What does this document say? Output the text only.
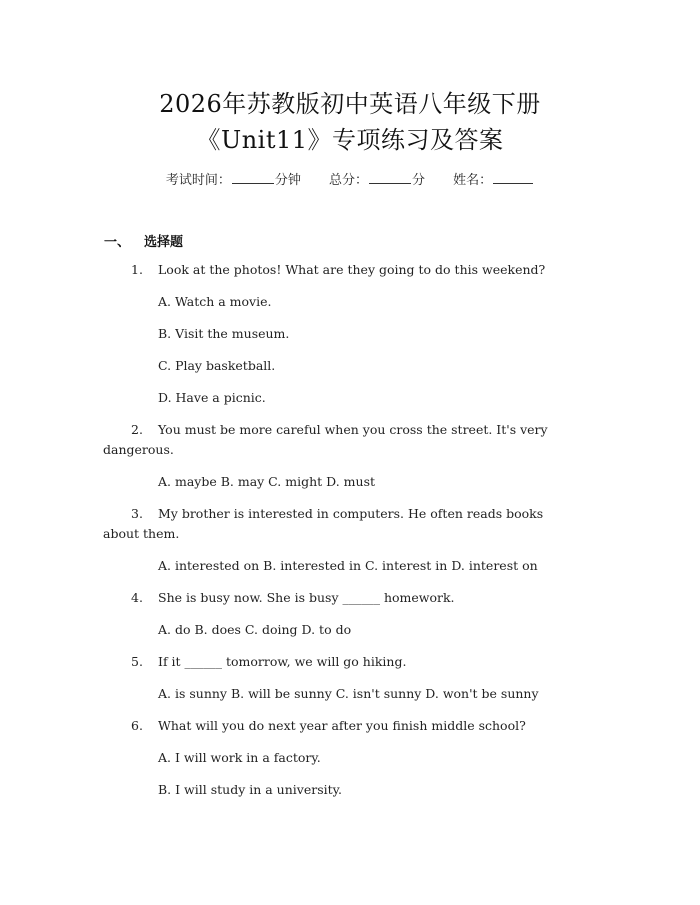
2026年苏教版初中英语八年级下册
《Unit11》专项练习及答案
考试时间：	分钟 总分：	分 姓名：
一、 选择题
1. Look at the photos! What are they going to do this weekend?
A. Watch a movie.
B. Visit the museum.
C. Play basketball.
D. Have a picnic.
2. You must be more careful when you cross the street. It's very
dangerous.
A. maybe B. may C. might D. must
3. My brother is interested in computers. He often reads books
about them.
A. interested on B. interested in C. interest in D. interest on
4. She is busy now. She is busy ______ homework.
A. do B. does C. doing D. to do
5. If it ______ tomorrow, we will go hiking.
A. is sunny B. will be sunny C. isn't sunny D. won't be sunny
6. What will you do next year after you finish middle school?
A. I will work in a factory.
B. I will study in a university.
